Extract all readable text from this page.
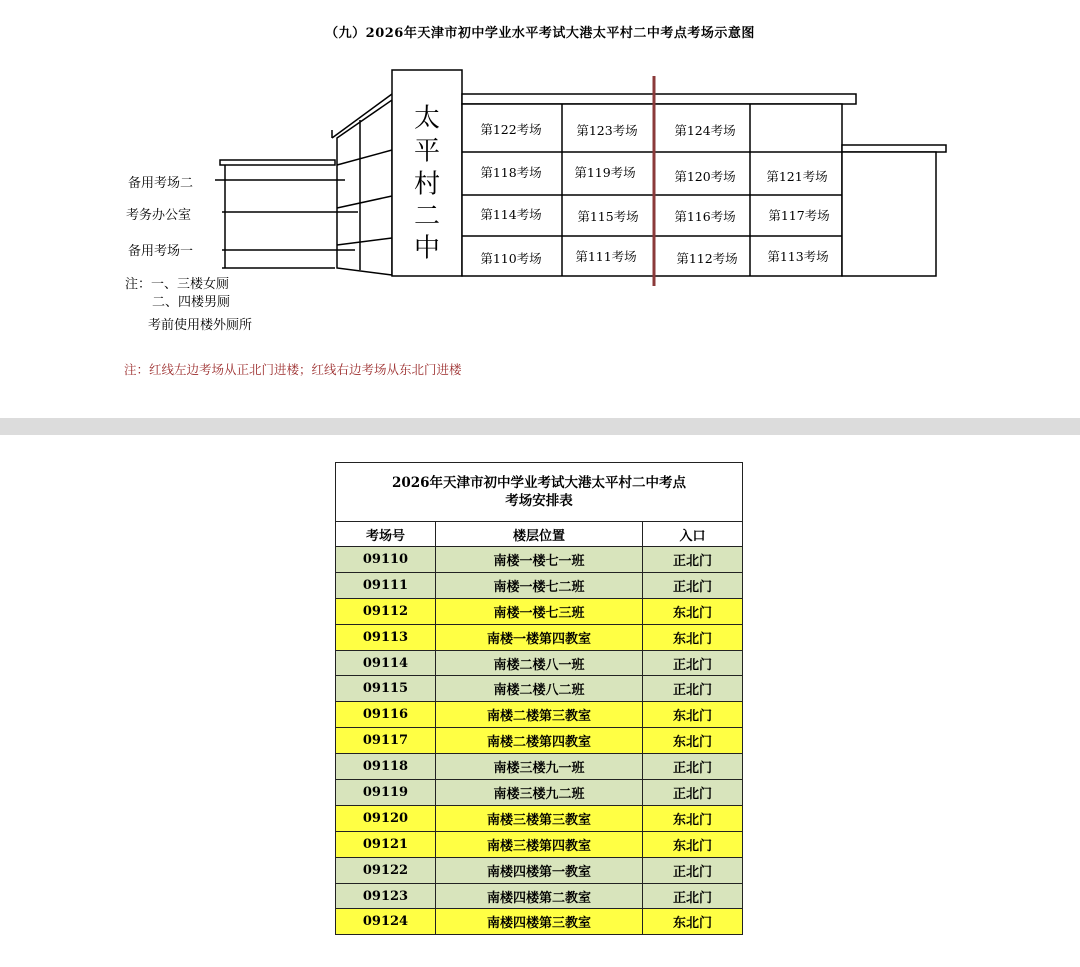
（九）2026年天津市初中学业水平考试大港太平村二中考点考场示意图
太
平
村
二
中
第122考场	第123考场
第118考场	第119考场
第114考场	第115考场
第110考场	第111考场
第124考场
第120考场 第121考场
第116考场	第117考场
第112考场 第113考场
备用考场二
考务办公室
备用考场一
注：一、三楼女厕
二、四楼男厕
考前使用楼外厕所
注：红线左边考场从正北门进楼；红线右边考场从东北门进楼
2026年天津市初中学业考试大港太平村二中考点
考场安排表		

考场号	楼层位置	入口
09110	南楼一楼七一班	正北门
09111	南楼一楼七二班	正北门
09112	南楼一楼七三班	东北门
09113	南楼一楼第四教室	东北门
09114	南楼二楼八一班	正北门
09115	南楼二楼八二班	正北门
09116	南楼二楼第三教室	东北门
09117	南楼二楼第四教室	东北门
09118	南楼三楼九一班	正北门
09119	南楼三楼九二班	正北门
09120	南楼三楼第三教室	东北门
09121	南楼三楼第四教室	东北门
09122	南楼四楼第一教室	正北门
09123	南楼四楼第二教室	正北门
09124	南楼四楼第三教室	东北门
